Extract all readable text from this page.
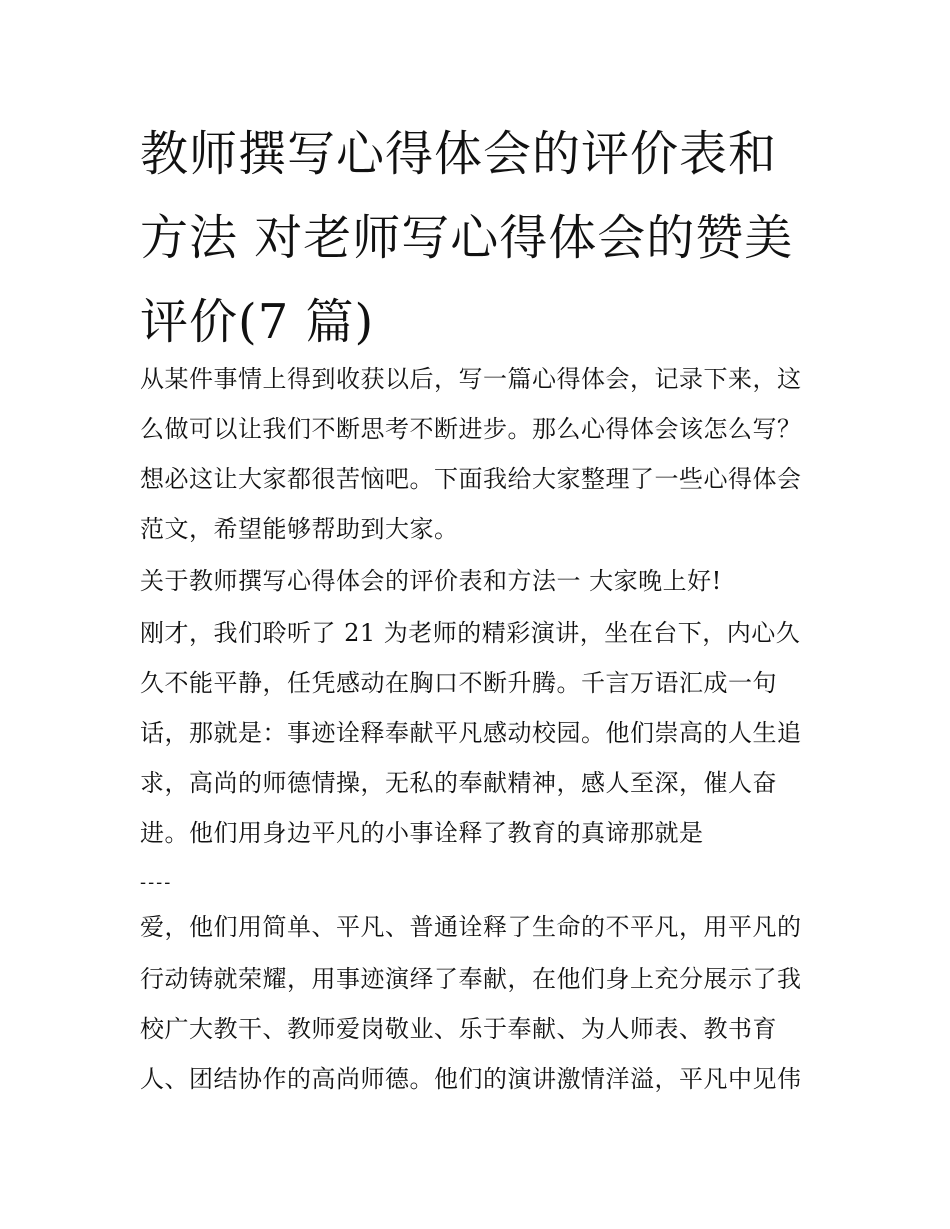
教师撰写心得体会的评价表和
方法 对老师写心得体会的赞美
评价(7 篇)
从某件事情上得到收获以后，写一篇心得体会，记录下来，这
么做可以让我们不断思考不断进步。那么心得体会该怎么写？
想必这让大家都很苦恼吧。下面我给大家整理了一些心得体会
范文，希望能够帮助到大家。
关于教师撰写心得体会的评价表和方法一 大家晚上好!
刚才，我们聆听了 21 为老师的精彩演讲，坐在台下，内心久
久不能平静，任凭感动在胸口不断升腾。千言万语汇成一句
话，那就是：事迹诠释奉献平凡感动校园。他们崇高的人生追
求，高尚的师德情操，无私的奉献精神，感人至深，催人奋
进。他们用身边平凡的小事诠释了教育的真谛那就是
----
爱，他们用简单、平凡、普通诠释了生命的不平凡，用平凡的
行动铸就荣耀，用事迹演绎了奉献，在他们身上充分展示了我
校广大教干、教师爱岗敬业、乐于奉献、为人师表、教书育
人、团结协作的高尚师德。他们的演讲激情洋溢，平凡中见伟
